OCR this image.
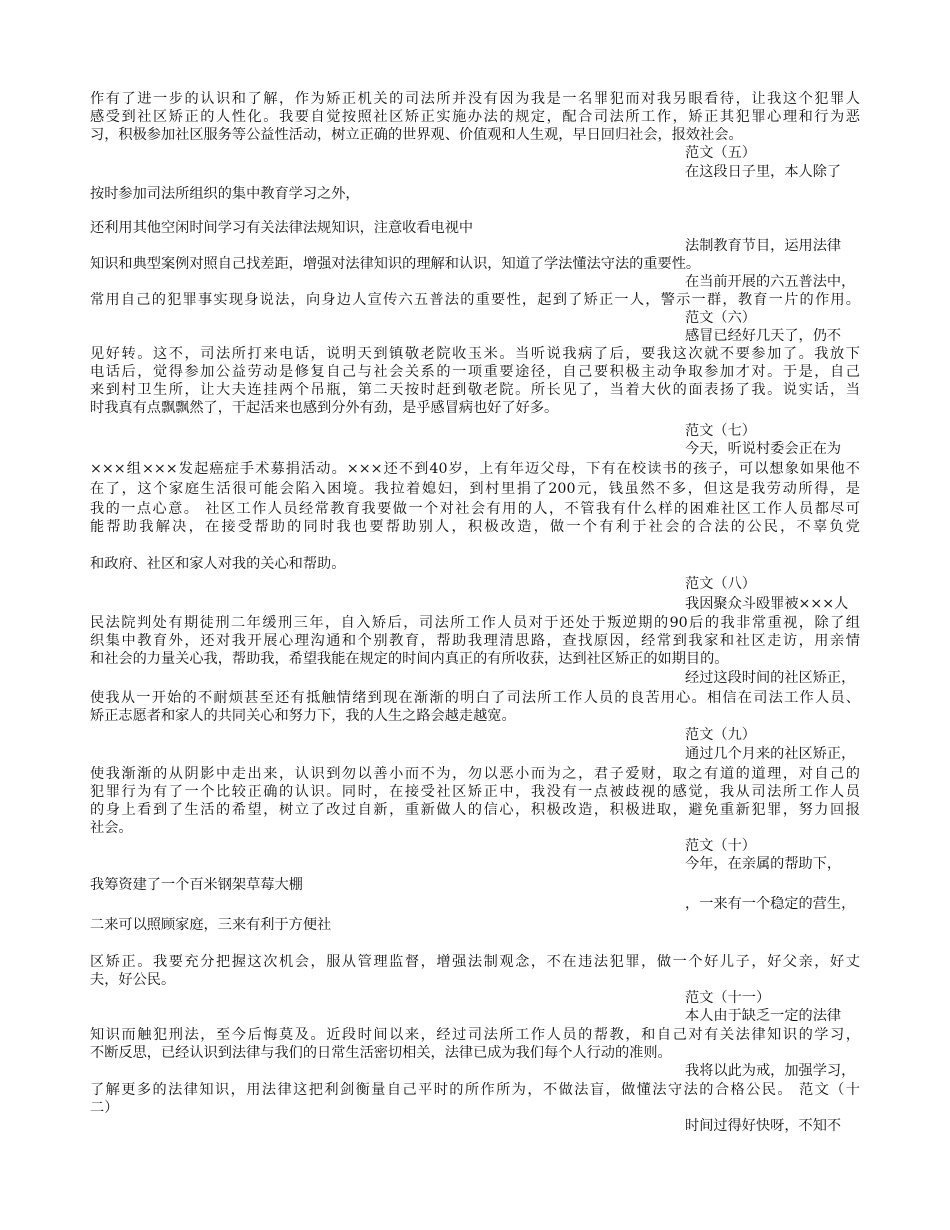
作有了进一步的认识和了解，作为矫正机关的司法所并没有因为我是一名罪犯而对我另眼看待，让我这个犯罪人
感受到社区矫正的人性化。我要自觉按照社区矫正实施办法的规定，配合司法所工作，矫正其犯罪心理和行为恶
习，积极参加社区服务等公益性活动，树立正确的世界观、价值观和人生观，早日回归社会，报效社会。
范文（五）
在这段日子里，本人除了
按时参加司法所组织的集中教育学习之外，
还利用其他空闲时间学习有关法律法规知识，注意收看电视中
法制教育节目，运用法律
知识和典型案例对照自己找差距，增强对法律知识的理解和认识，知道了学法懂法守法的重要性。
在当前开展的六五普法中，
常用自己的犯罪事实现身说法，向身边人宣传六五普法的重要性，起到了矫正一人，警示一群，教育一片的作用。
范文（六）
感冒已经好几天了，仍不
见好转。这不，司法所打来电话，说明天到镇敬老院收玉米。当听说我病了后，要我这次就不要参加了。我放下
电话后，觉得参加公益劳动是修复自己与社会关系的一项重要途径，自己要积极主动争取参加才对。于是，自己
来到村卫生所，让大夫连挂两个吊瓶，第二天按时赶到敬老院。所长见了，当着大伙的面表扬了我。说实话，当
时我真有点飘飘然了，干起活来也感到分外有劲，是乎感冒病也好了好多。
范文（七）
今天，听说村委会正在为
×××组×××发起癌症手术募捐活动。×××还不到40岁，上有年迈父母，下有在校读书的孩子，可以想象如果他不
在了，这个家庭生活很可能会陷入困境。我拉着媳妇，到村里捐了200元，钱虽然不多，但这是我劳动所得，是
我的一点心意。 社区工作人员经常教育我要做一个对社会有用的人，不管我有什么样的困难社区工作人员都尽可
能帮助我解决，在接受帮助的同时我也要帮助别人，积极改造，做一个有利于社会的合法的公民，不辜负党
和政府、社区和家人对我的关心和帮助。
范文（八）
我因聚众斗殴罪被×××人
民法院判处有期徒刑二年缓刑三年，自入矫后，司法所工作人员对于还处于叛逆期的90后的我非常重视，除了组
织集中教育外，还对我开展心理沟通和个别教育，帮助我理清思路，查找原因，经常到我家和社区走访，用亲情
和社会的力量关心我，帮助我，希望我能在规定的时间内真正的有所收获，达到社区矫正的如期目的。
经过这段时间的社区矫正，
使我从一开始的不耐烦甚至还有抵触情绪到现在渐渐的明白了司法所工作人员的良苦用心。相信在司法工作人员、
矫正志愿者和家人的共同关心和努力下，我的人生之路会越走越宽。
范文（九）
通过几个月来的社区矫正，
使我渐渐的从阴影中走出来，认识到勿以善小而不为，勿以恶小而为之，君子爱财，取之有道的道理，对自己的
犯罪行为有了一个比较正确的认识。同时，在接受社区矫正中，我没有一点被歧视的感觉，我从司法所工作人员
的身上看到了生活的希望，树立了改过自新，重新做人的信心，积极改造，积极进取，避免重新犯罪，努力回报
社会。
范文（十）
今年，在亲属的帮助下，
我筹资建了一个百米钢架草莓大棚
，一来有一个稳定的营生，
二来可以照顾家庭，三来有利于方便社
区矫正。我要充分把握这次机会，服从管理监督，增强法制观念，不在违法犯罪，做一个好儿子，好父亲，好丈
夫，好公民。
范文（十一）
本人由于缺乏一定的法律
知识而触犯刑法，至今后悔莫及。近段时间以来，经过司法所工作人员的帮教，和自己对有关法律知识的学习，
不断反思，已经认识到法律与我们的日常生活密切相关，法律已成为我们每个人行动的准则。
我将以此为戒，加强学习，
了解更多的法律知识，用法律这把利剑衡量自己平时的所作所为，不做法盲，做懂法守法的合格公民。 范文（十
二）
时间过得好快呀，不知不
